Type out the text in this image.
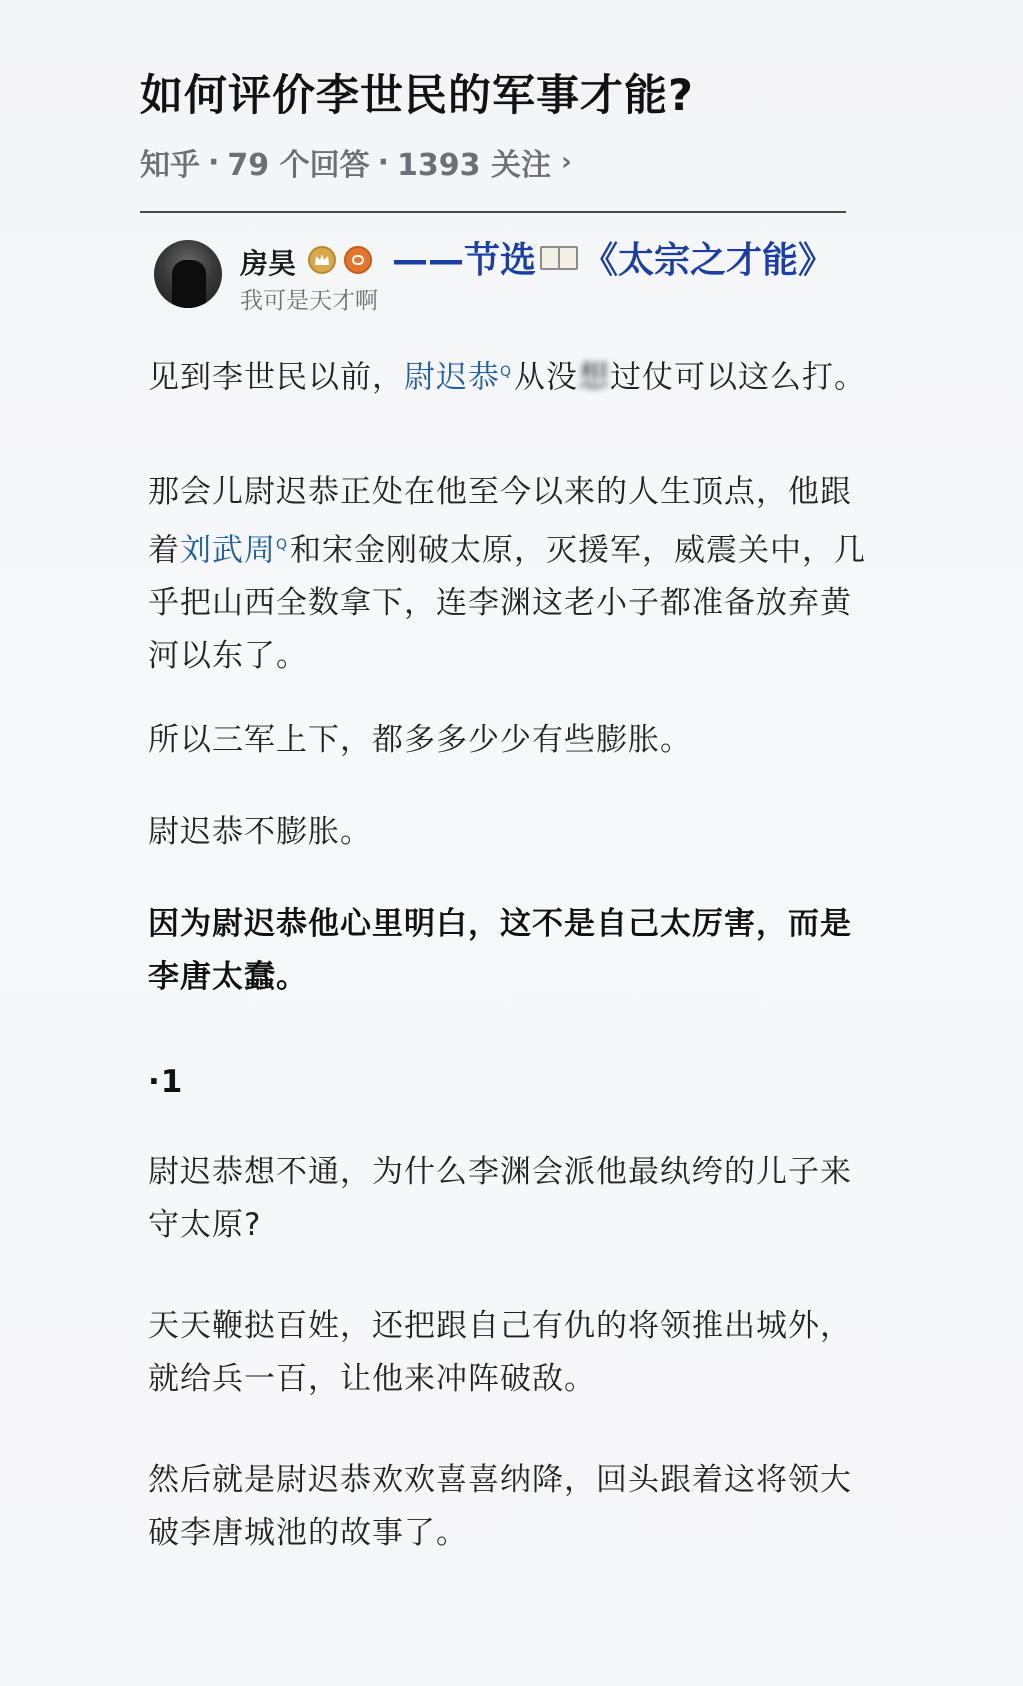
如何评价李世民的军事才能?
知乎 · 79 个回答 · 1393 关注 ›
房昊	——节选 《太宗之才能》
我可是天才啊

见到李世民以前，尉迟恭$^Q$从没想过仗可以这么打。

那会儿尉迟恭正处在他至今以来的人生顶点，他跟着刘武周$^Q$和宋金刚破太原，灭援军，威震关中，几乎把山西全数拿下，连李渊这老小子都准备放弃黄河以东了。

所以三军上下，都多多少少有些膨胀。

尉迟恭不膨胀。

因为尉迟恭他心里明白，这不是自己太厉害，而是李唐太蠢。

·1

尉迟恭想不通，为什么李渊会派他最纨绔的儿子来守太原?

天天鞭挞百姓，还把跟自己有仇的将领推出城外，就给兵一百，让他来冲阵破敌。

然后就是尉迟恭欢欢喜喜纳降，回头跟着这将领大破李唐城池的故事了。
